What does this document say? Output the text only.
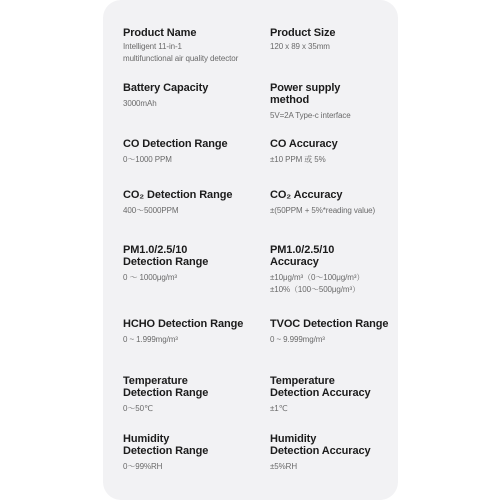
Product Name
Intelligent 11-in-1
multifunctional air quality detector
Product Size
120 x 89 x 35mm
Battery Capacity
3000mAh
Power supply
method
5V=2A Type-c interface
CO Detection Range
0～1000 PPM
CO Accuracy
±10 PPM 或 5%
CO₂ Detection Range
400～5000PPM
CO₂ Accuracy
±(50PPM + 5%*reading value)
PM1.0/2.5/10
Detection Range
0 ～ 1000μg/m³
PM1.0/2.5/10
Accuracy
±10μg/m³（0～100μg/m³）
±10%（100～500μg/m³）
HCHO Detection Range
0 ~ 1.999mg/m³
TVOC Detection Range
0 ~ 9.999mg/m³
Temperature
Detection Range
0～50℃
Temperature
Detection Accuracy
±1℃
Humidity
Detection Range
0～99%RH
Humidity
Detection Accuracy
±5%RH
